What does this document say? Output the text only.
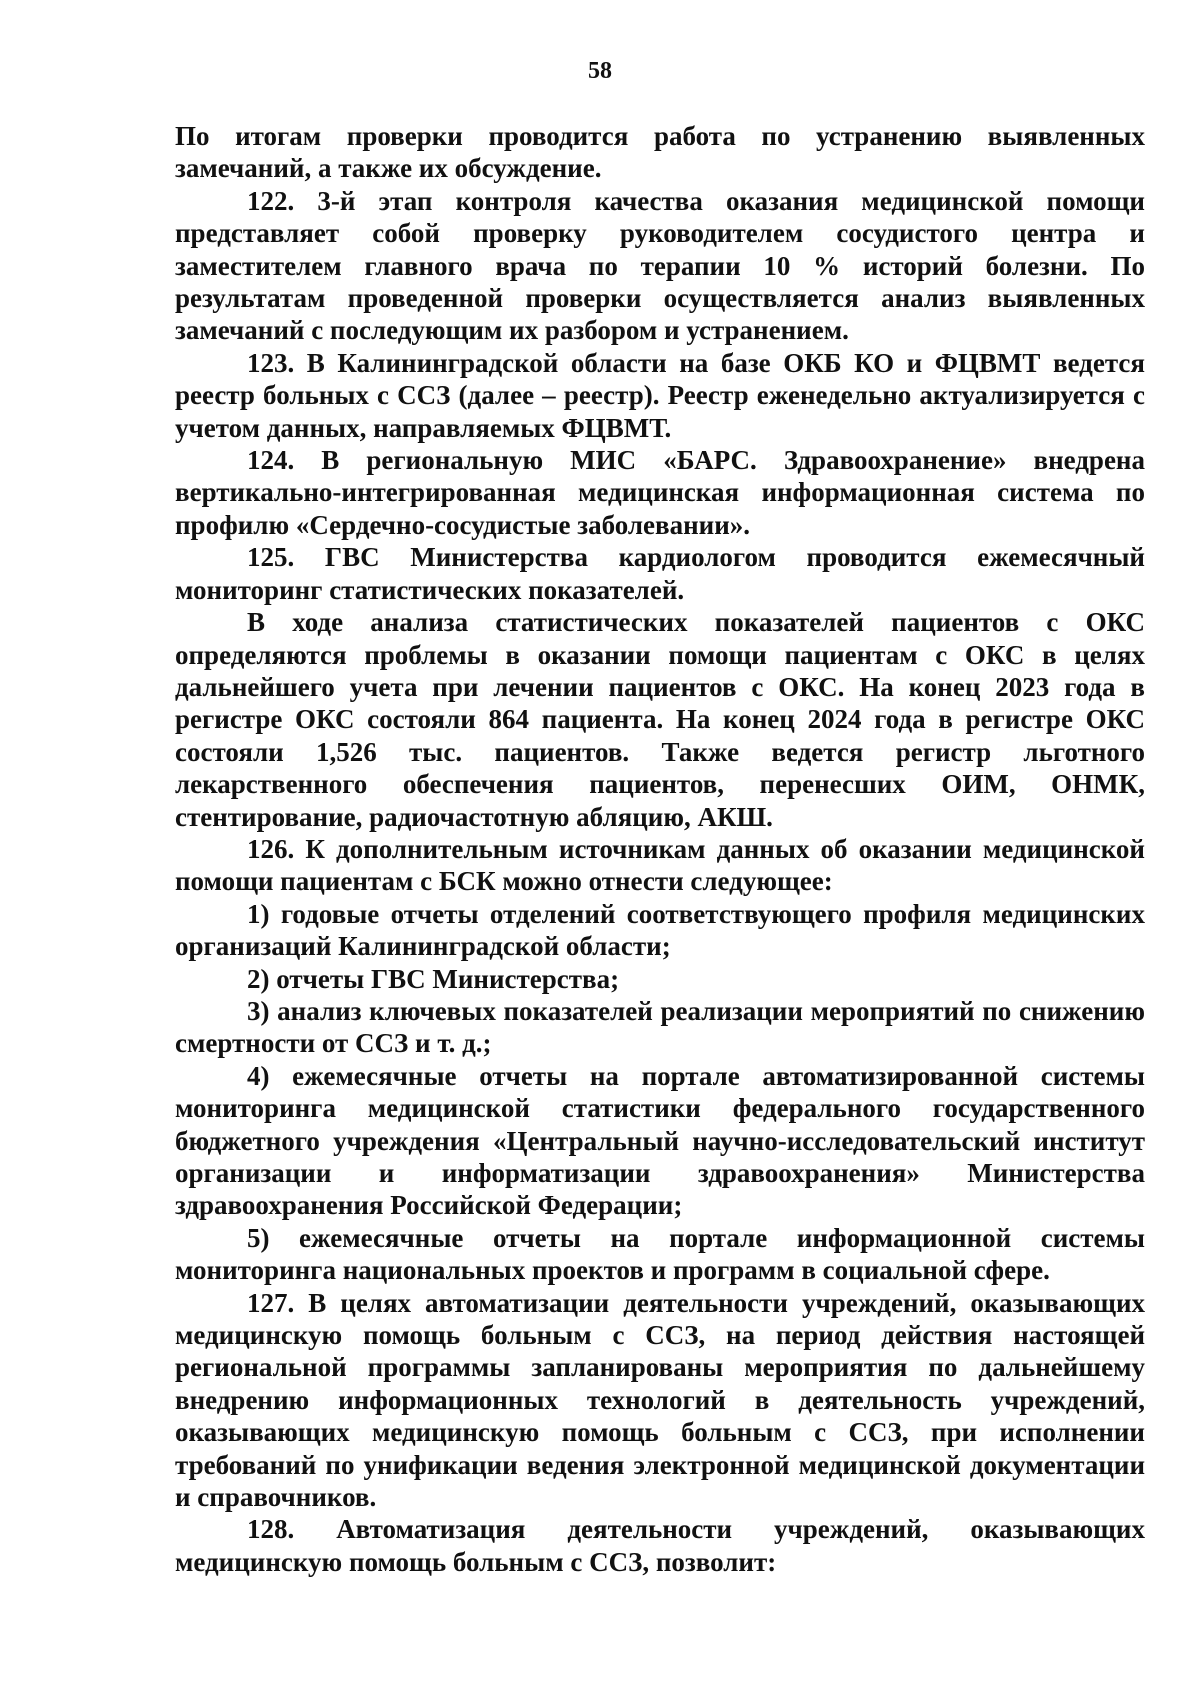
58

По итогам проверки проводится работа по устранению выявленных замечаний, а также их обсуждение.

122. 3-й этап контроля качества оказания медицинской помощи представляет собой проверку руководителем сосудистого центра и заместителем главного врача по терапии 10 % историй болезни. По результатам проведенной проверки осуществляется анализ выявленных замечаний с последующим их разбором и устранением.

123. В Калининградской области на базе ОКБ КО и ФЦВМТ ведется реестр больных с ССЗ (далее – реестр). Реестр еженедельно актуализируется с учетом данных, направляемых ФЦВМТ.

124. В региональную МИС «БАРС. Здравоохранение» внедрена вертикально-интегрированная медицинская информационная система по профилю «Сердечно-сосудистые заболевании».

125. ГВС Министерства кардиологом проводится ежемесячный мониторинг статистических показателей.

В ходе анализа статистических показателей пациентов с ОКС определяются проблемы в оказании помощи пациентам с ОКС в целях дальнейшего учета при лечении пациентов с ОКС. На конец 2023 года в регистре ОКС состояли 864 пациента. На конец 2024 года в регистре ОКС состояли 1,526 тыс. пациентов. Также ведется регистр льготного лекарственного обеспечения пациентов, перенесших ОИМ, ОНМК, стентирование, радиочастотную абляцию, АКШ.

126. К дополнительным источникам данных об оказании медицинской помощи пациентам с БСК можно отнести следующее:

1) годовые отчеты отделений соответствующего профиля медицинских организаций Калининградской области;

2) отчеты ГВС Министерства;

3) анализ ключевых показателей реализации мероприятий по снижению смертности от ССЗ и т. д.;

4) ежемесячные отчеты на портале автоматизированной системы мониторинга медицинской статистики федерального государственного бюджетного учреждения «Центральный научно-исследовательский институт организации и информатизации здравоохранения» Министерства здравоохранения Российской Федерации;

5) ежемесячные отчеты на портале информационной системы мониторинга национальных проектов и программ в социальной сфере.

127. В целях автоматизации деятельности учреждений, оказывающих медицинскую помощь больным с ССЗ, на период действия настоящей региональной программы запланированы мероприятия по дальнейшему внедрению информационных технологий в деятельность учреждений, оказывающих медицинскую помощь больным с ССЗ, при исполнении требований по унификации ведения электронной медицинской документации и справочников.

128. Автоматизация деятельности учреждений, оказывающих медицинскую помощь больным с ССЗ, позволит:
